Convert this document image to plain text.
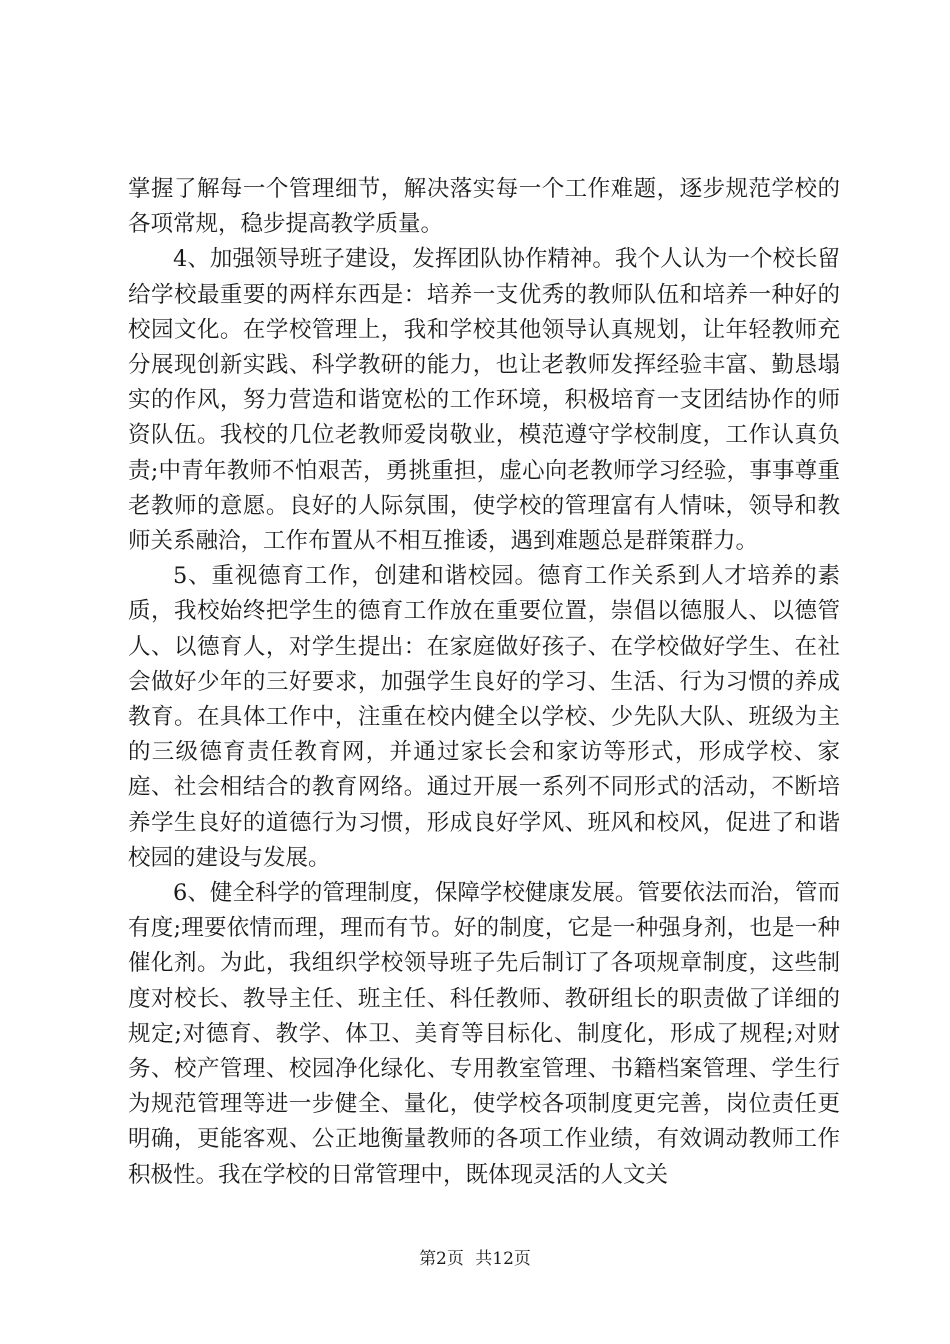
掌握了解每一个管理细节，解决落实每一个工作难题，逐步规范学校的各项常规，稳步提高教学质量。

4、加强领导班子建设，发挥团队协作精神。我个人认为一个校长留给学校最重要的两样东西是：培养一支优秀的教师队伍和培养一种好的校园文化。在学校管理上，我和学校其他领导认真规划，让年轻教师充分展现创新实践、科学教研的能力，也让老教师发挥经验丰富、勤恳塌实的作风，努力营造和谐宽松的工作环境，积极培育一支团结协作的师资队伍。我校的几位老教师爱岗敬业，模范遵守学校制度，工作认真负责;中青年教师不怕艰苦，勇挑重担，虚心向老教师学习经验，事事尊重老教师的意愿。良好的人际氛围，使学校的管理富有人情味，领导和教师关系融洽，工作布置从不相互推诿，遇到难题总是群策群力。

5、重视德育工作，创建和谐校园。德育工作关系到人才培养的素质，我校始终把学生的德育工作放在重要位置，崇倡以德服人、以德管人、以德育人，对学生提出：在家庭做好孩子、在学校做好学生、在社会做好少年的三好要求，加强学生良好的学习、生活、行为习惯的养成教育。在具体工作中，注重在校内健全以学校、少先队大队、班级为主的三级德育责任教育网，并通过家长会和家访等形式，形成学校、家庭、社会相结合的教育网络。通过开展一系列不同形式的活动，不断培养学生良好的道德行为习惯，形成良好学风、班风和校风，促进了和谐校园的建设与发展。

6、健全科学的管理制度，保障学校健康发展。管要依法而治，管而有度;理要依情而理，理而有节。好的制度，它是一种强身剂，也是一种催化剂。为此，我组织学校领导班子先后制订了各项规章制度，这些制度对校长、教导主任、班主任、科任教师、教研组长的职责做了详细的规定;对德育、教学、体卫、美育等目标化、制度化，形成了规程;对财务、校产管理、校园净化绿化、专用教室管理、书籍档案管理、学生行为规范管理等进一步健全、量化，使学校各项制度更完善，岗位责任更明确，更能客观、公正地衡量教师的各项工作业绩，有效调动教师工作积极性。我在学校的日常管理中，既体现灵活的人文关

第2页 共12页
